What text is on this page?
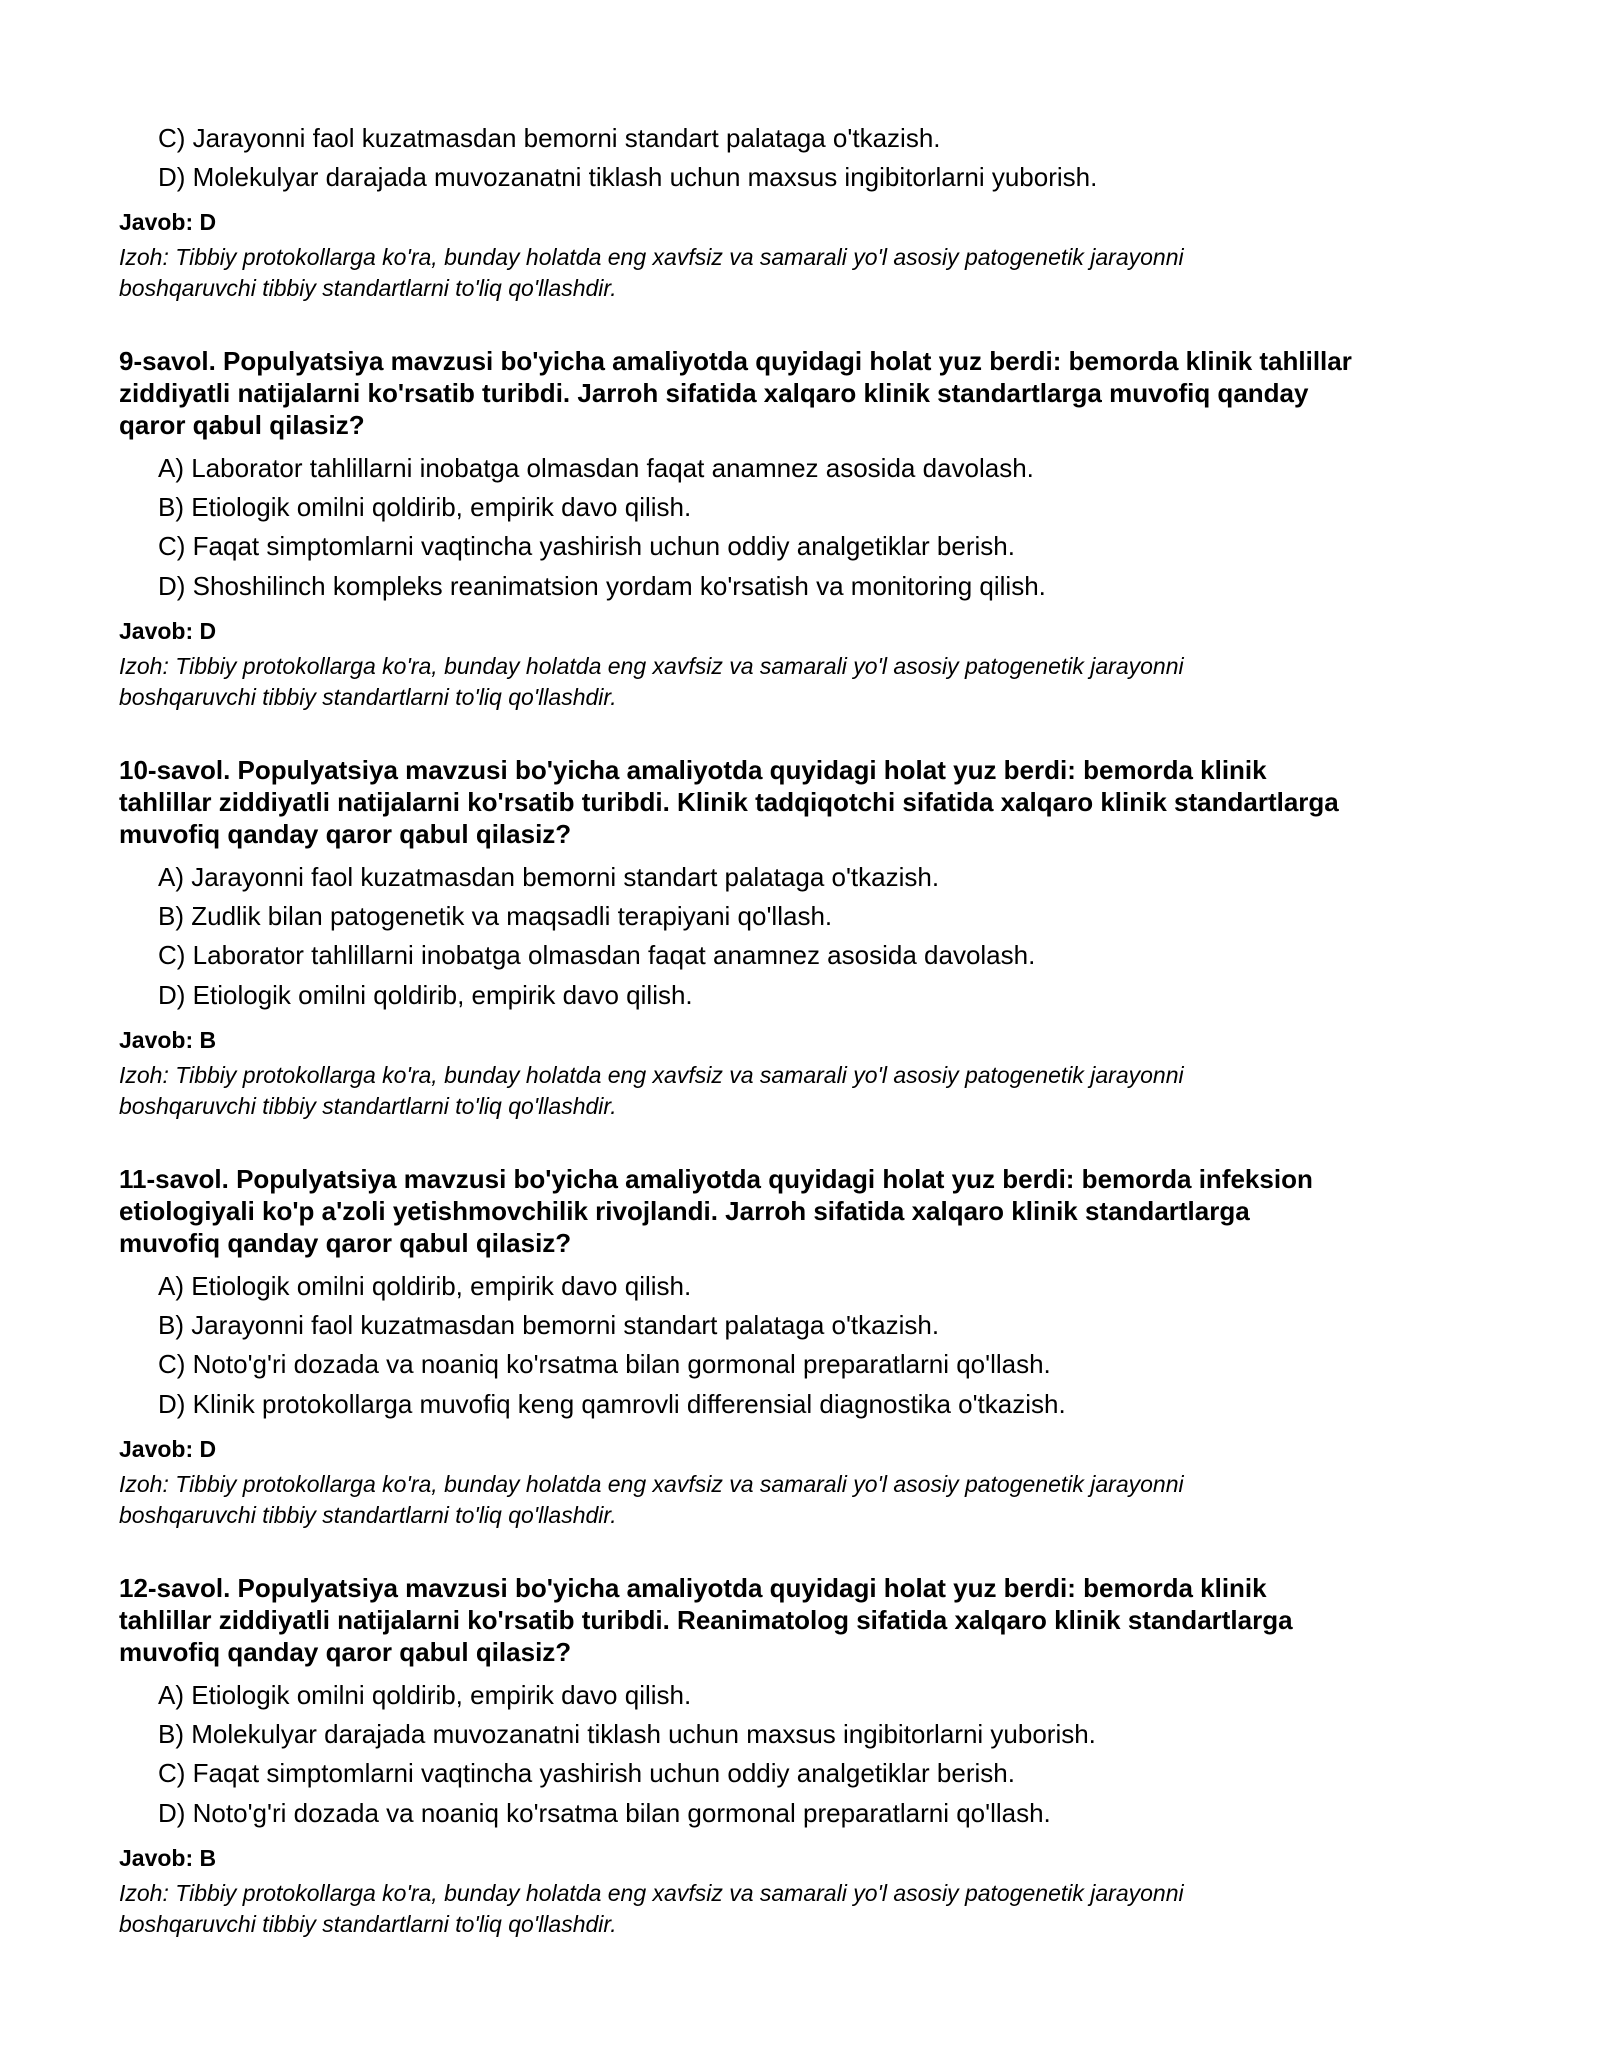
C) Jarayonni faol kuzatmasdan bemorni standart palataga o'tkazish.
D) Molekulyar darajada muvozanatni tiklash uchun maxsus ingibitorlarni yuborish.
Javob: D
Izoh: Tibbiy protokollarga ko'ra, bunday holatda eng xavfsiz va samarali yo'l asosiy patogenetik jarayonni
boshqaruvchi tibbiy standartlarni to'liq qo'llashdir.
9-savol. Populyatsiya mavzusi bo'yicha amaliyotda quyidagi holat yuz berdi: bemorda klinik tahlillar
ziddiyatli natijalarni ko'rsatib turibdi. Jarroh sifatida xalqaro klinik standartlarga muvofiq qanday
qaror qabul qilasiz?
A) Laborator tahlillarni inobatga olmasdan faqat anamnez asosida davolash.
B) Etiologik omilni qoldirib, empirik davo qilish.
C) Faqat simptomlarni vaqtincha yashirish uchun oddiy analgetiklar berish.
D) Shoshilinch kompleks reanimatsion yordam ko'rsatish va monitoring qilish.
Javob: D
Izoh: Tibbiy protokollarga ko'ra, bunday holatda eng xavfsiz va samarali yo'l asosiy patogenetik jarayonni
boshqaruvchi tibbiy standartlarni to'liq qo'llashdir.
10-savol. Populyatsiya mavzusi bo'yicha amaliyotda quyidagi holat yuz berdi: bemorda klinik
tahlillar ziddiyatli natijalarni ko'rsatib turibdi. Klinik tadqiqotchi sifatida xalqaro klinik standartlarga
muvofiq qanday qaror qabul qilasiz?
A) Jarayonni faol kuzatmasdan bemorni standart palataga o'tkazish.
B) Zudlik bilan patogenetik va maqsadli terapiyani qo'llash.
C) Laborator tahlillarni inobatga olmasdan faqat anamnez asosida davolash.
D) Etiologik omilni qoldirib, empirik davo qilish.
Javob: B
Izoh: Tibbiy protokollarga ko'ra, bunday holatda eng xavfsiz va samarali yo'l asosiy patogenetik jarayonni
boshqaruvchi tibbiy standartlarni to'liq qo'llashdir.
11-savol. Populyatsiya mavzusi bo'yicha amaliyotda quyidagi holat yuz berdi: bemorda infeksion
etiologiyali ko'p a'zoli yetishmovchilik rivojlandi. Jarroh sifatida xalqaro klinik standartlarga
muvofiq qanday qaror qabul qilasiz?
A) Etiologik omilni qoldirib, empirik davo qilish.
B) Jarayonni faol kuzatmasdan bemorni standart palataga o'tkazish.
C) Noto'g'ri dozada va noaniq ko'rsatma bilan gormonal preparatlarni qo'llash.
D) Klinik protokollarga muvofiq keng qamrovli differensial diagnostika o'tkazish.
Javob: D
Izoh: Tibbiy protokollarga ko'ra, bunday holatda eng xavfsiz va samarali yo'l asosiy patogenetik jarayonni
boshqaruvchi tibbiy standartlarni to'liq qo'llashdir.
12-savol. Populyatsiya mavzusi bo'yicha amaliyotda quyidagi holat yuz berdi: bemorda klinik
tahlillar ziddiyatli natijalarni ko'rsatib turibdi. Reanimatolog sifatida xalqaro klinik standartlarga
muvofiq qanday qaror qabul qilasiz?
A) Etiologik omilni qoldirib, empirik davo qilish.
B) Molekulyar darajada muvozanatni tiklash uchun maxsus ingibitorlarni yuborish.
C) Faqat simptomlarni vaqtincha yashirish uchun oddiy analgetiklar berish.
D) Noto'g'ri dozada va noaniq ko'rsatma bilan gormonal preparatlarni qo'llash.
Javob: B
Izoh: Tibbiy protokollarga ko'ra, bunday holatda eng xavfsiz va samarali yo'l asosiy patogenetik jarayonni
boshqaruvchi tibbiy standartlarni to'liq qo'llashdir.
